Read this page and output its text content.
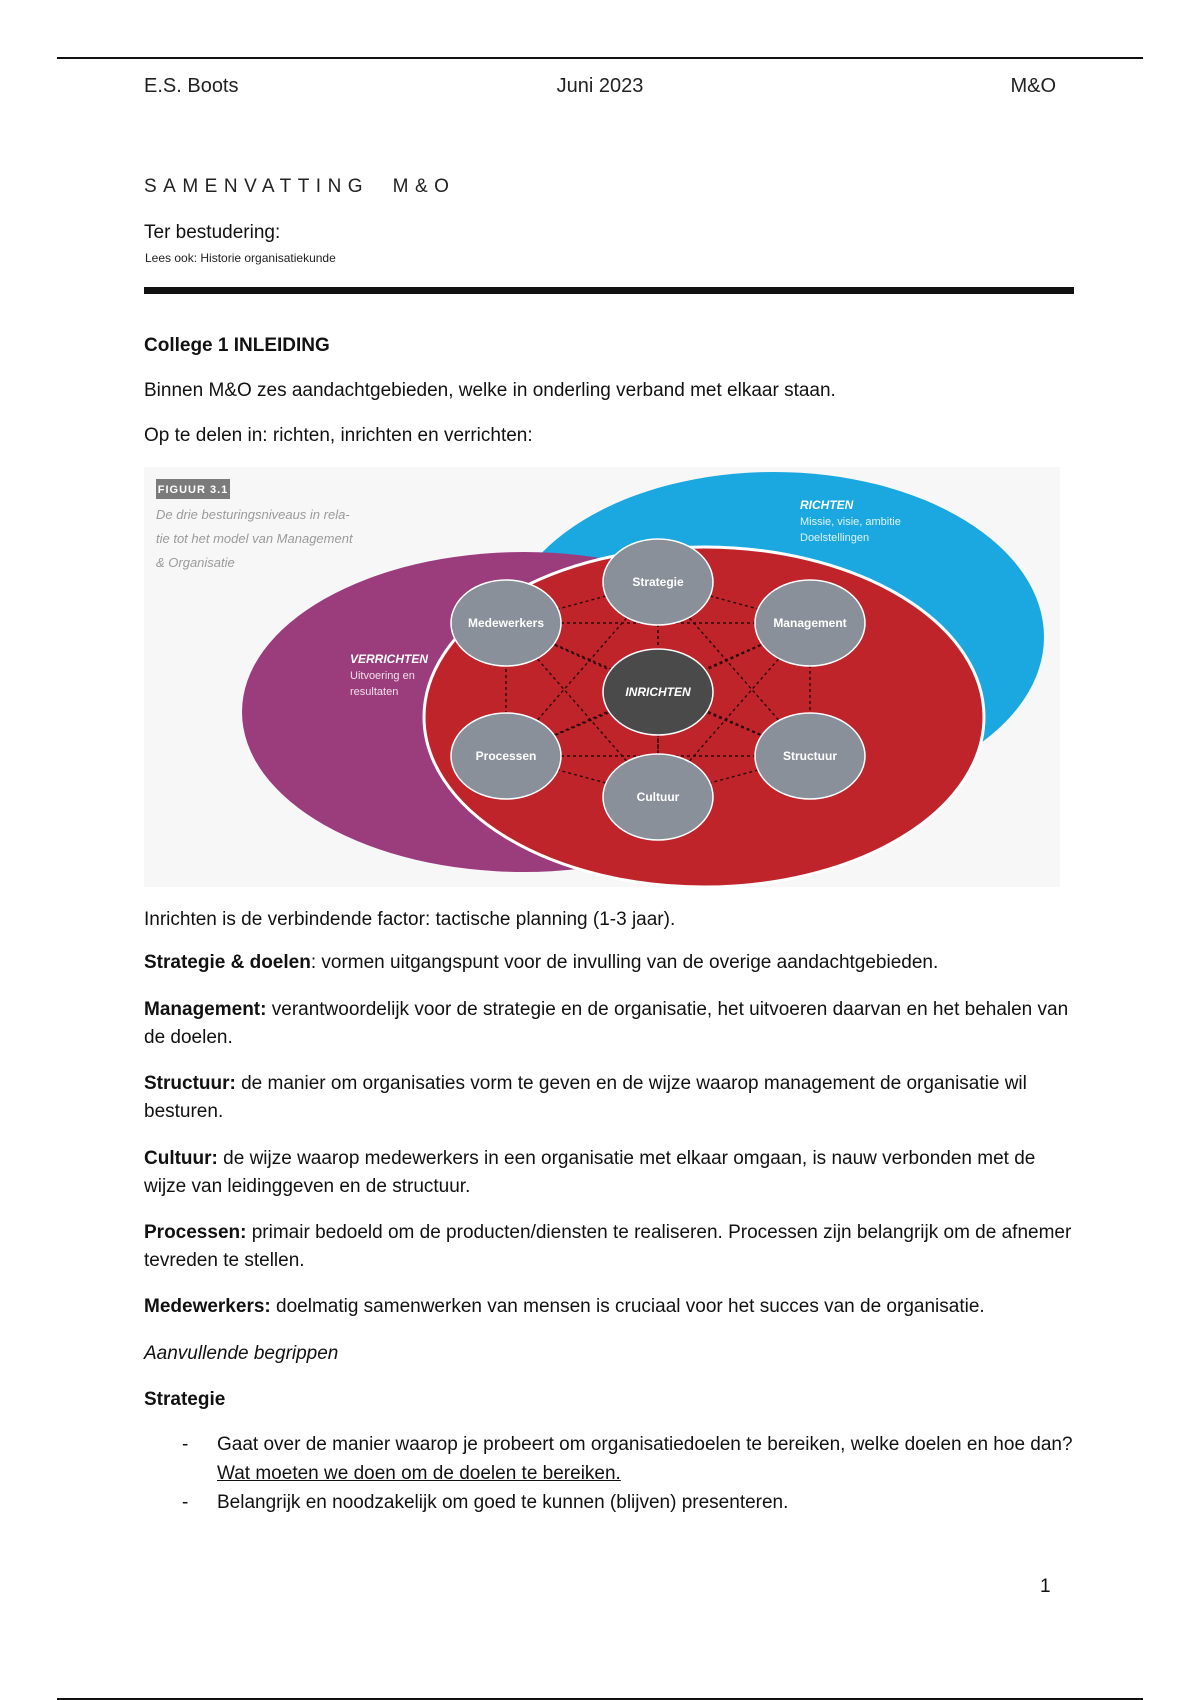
E.S. Boots	Juni 2023	M&O
SAMENVATTING  M&O
Ter bestudering:
Lees ook: Historie organisatiekunde

College 1 INLEIDING

Binnen M&O zes aandachtgebieden, welke in onderling verband met elkaar staan.

Op te delen in: richten, inrichten en verrichten:

Strategie
Management
Structuur
Cultuur
Processen
Medewerkers
INRICHTEN
FIGUUR 3.1
De drie besturingsniveaus in rela-
tie tot het model van Management
& Organisatie
RICHTEN
Missie, visie, ambitie
Doelstellingen
VERRICHTEN
Uitvoering en
resultaten

Inrichten is de verbindende factor: tactische planning (1-3 jaar).

Strategie & doelen: vormen uitgangspunt voor de invulling van de overige aandachtgebieden.

Management: verantwoordelijk voor de strategie en de organisatie, het uitvoeren daarvan en het behalen van de doelen.

Structuur: de manier om organisaties vorm te geven en de wijze waarop management de organisatie wil besturen.

Cultuur: de wijze waarop medewerkers in een organisatie met elkaar omgaan, is nauw verbonden met de wijze van leidinggeven en de structuur.

Processen: primair bedoeld om de producten/diensten te realiseren. Processen zijn belangrijk om de afnemer tevreden te stellen.

Medewerkers: doelmatig samenwerken van mensen is cruciaal voor het succes van de organisatie.

Aanvullende begrippen

Strategie

- Gaat over de manier waarop je probeert om organisatiedoelen te bereiken, welke doelen en hoe dan? Wat moeten we doen om de doelen te bereiken.
- Belangrijk en noodzakelijk om goed te kunnen (blijven) presenteren.
1
